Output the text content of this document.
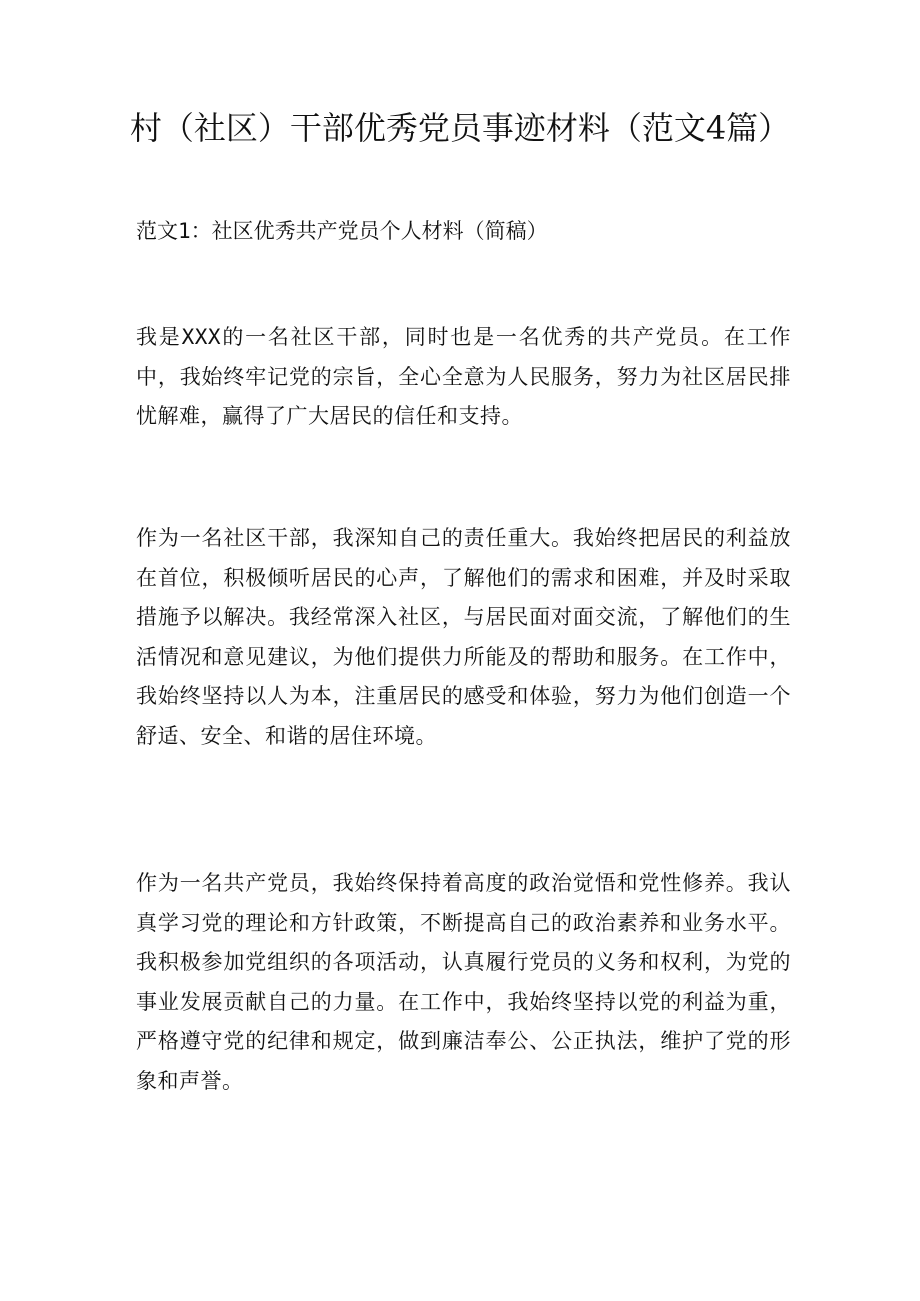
村（社区）干部优秀党员事迹材料（范文4篇）
范文1：社区优秀共产党员个人材料（简稿）

我是XXX的一名社区干部，同时也是一名优秀的共产党员。在工作中，我始终牢记党的宗旨，全心全意为人民服务，努力为社区居民排忧解难，赢得了广大居民的信任和支持。

作为一名社区干部，我深知自己的责任重大。我始终把居民的利益放在首位，积极倾听居民的心声，了解他们的需求和困难，并及时采取措施予以解决。我经常深入社区，与居民面对面交流，了解他们的生活情况和意见建议，为他们提供力所能及的帮助和服务。在工作中，我始终坚持以人为本，注重居民的感受和体验，努力为他们创造一个舒适、安全、和谐的居住环境。

作为一名共产党员，我始终保持着高度的政治觉悟和党性修养。我认真学习党的理论和方针政策，不断提高自己的政治素养和业务水平。我积极参加党组织的各项活动，认真履行党员的义务和权利，为党的事业发展贡献自己的力量。在工作中，我始终坚持以党的利益为重，严格遵守党的纪律和规定，做到廉洁奉公、公正执法，维护了党的形象和声誉。
